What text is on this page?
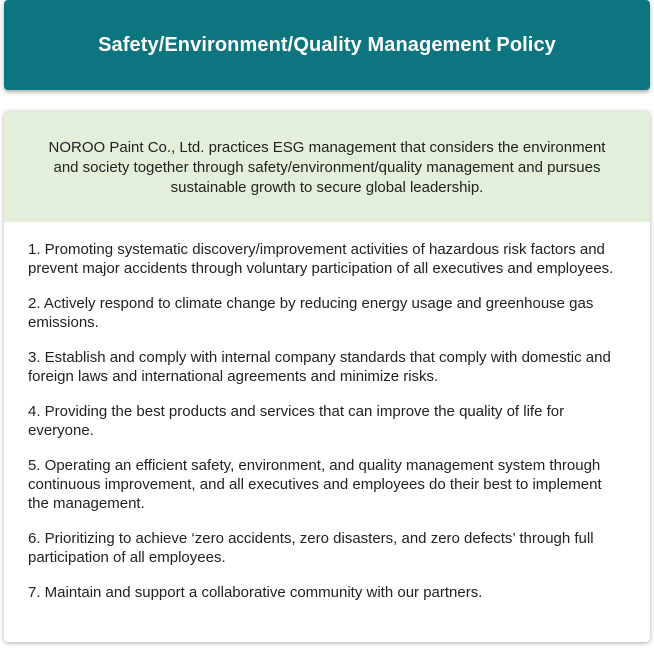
Safety/Environment/Quality Management Policy
NOROO Paint Co., Ltd. practices ESG management that considers the environment and society together through safety/environment/quality management and pursues sustainable growth to secure global leadership.
1. Promoting systematic discovery/improvement activities of hazardous risk factors and prevent major accidents through voluntary participation of all executives and employees.
2. Actively respond to climate change by reducing energy usage and greenhouse gas emissions.
3. Establish and comply with internal company standards that comply with domestic and foreign laws and international agreements and minimize risks.
4. Providing the best products and services that can improve the quality of life for everyone.
5. Operating an efficient safety, environment, and quality management system through continuous improvement, and all executives and employees do their best to implement the management.
6. Prioritizing to achieve ‘zero accidents, zero disasters, and zero defects’ through full participation of all employees.
7. Maintain and support a collaborative community with our partners.
